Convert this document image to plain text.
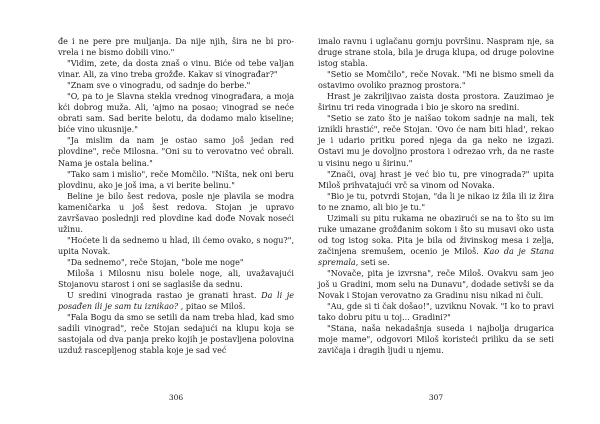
đe i ne pere pre muljanja. Da nije njih, šira ne bi pro-vrela i ne bismo dobili vino."

"Vidim, zete, da dosta znaš o vinu. Biće od tebe valjan vinar. Ali, za vino treba grožđe. Kakav si vinograđar?"

"Znam sve o vinogradu, od sadnje do berbe."

"O, pa to je Slavna stekla vrednog vinograđara, a moja kći dobrog muža. Ali, 'ajmo na posao; vinograd se neće obrati sam. Sad berite belotu, da dodamo malo kiseline; biće vino ukusnije."

"Ja mislim da nam je ostao samo još jedan red plovdine", reče Milosna. "Oni su to verovatno već obrali. Nama je ostala belina."

"Tako sam i mislio", reče Momčilo. "Ništa, nek oni beru plovdinu, ako je još ima, a vi berite belinu."

Beline je bilo šest redova, posle nje plavila se modra kameničarka u još šest redova. Stojan je upravo završavao poslednji red plovdine kad dođe Novak noseći užinu.

"Hoćete li da sednemo u hlad, ili ćemo ovako, s nogu?", upita Novak.

"Da sednemo", reče Stojan, "bole me noge"

Miloša i Milosnu nisu bolele noge, ali, uvažavajući Stojanovu starost i oni se saglasiše da sednu.

U sredini vinograda rastao je granati hrast. Da li je posađen ili je sam tu iznikao? , pitao se Miloš.

"Fala Bogu da smo se setili da nam treba hlad, kad smo sadili vinograd", reče Stojan sedajući na klupu koja se sastojala od dva panja preko kojih je postavljena polovina uzduž rascepljenog stabla koje je sad već

imalo ravnu i uglačanu gornju površinu. Naspram nje, sa druge strane stola, bila je druga klupa, od druge polovine istog stabla.

"Setio se Momčilo", reče Novak. "Mi ne bismo smeli da ostavimo ovoliko praznog prostora."

Hrast je zakriljivao zaista dosta prostora. Zauzimao je širinu tri reda vinograda i bio je skoro na sredini.

"Setio se zato što je naišao tokom sadnje na mali, tek iznikli hrastić", reče Stojan. 'Ovo će nam biti hlad', rekao je i udario pritku pored njega da ga neko ne izgazi. Ostavi mu je dovoljno prostora i odrezao vrh, da ne raste u visinu nego u širinu."

"Znači, ovaj hrast je već bio tu, pre vinograda?" upita Miloš prihvatajući vrč sa vinom od Novaka.

"Bio je tu, potvrdi Stojan, "da li je nikao iz žila ili iz žira to ne znamo, ali bio je tu."

Uzimali su pitu rukama ne obazirući se na to što su im ruke umazane grožđanim sokom i što su musavi oko usta od tog istog soka. Pita je bila od živinskog mesa i zelja, začinjena sremušem, ocenio je Miloš. Kao da je Stana spremala, seti se.

"Novače, pita je izvrsna", reče Miloš. Ovakvu sam jeo još u Gradini, mom selu na Dunavu", dodade setivši se da Novak i Stojan verovatno za Gradinu nisu nikad ni čuli.

"Au, gde si ti čak došao!", uzviknu Novak. "I ko to pravi tako dobru pitu u toj... Gradini?"

"Stana, naša nekadašnja suseda i najbolja drugarica moje mame", odgovori Miloš koristeći priliku da se seti zavičaja i dragih ljudi u njemu.

306	307
